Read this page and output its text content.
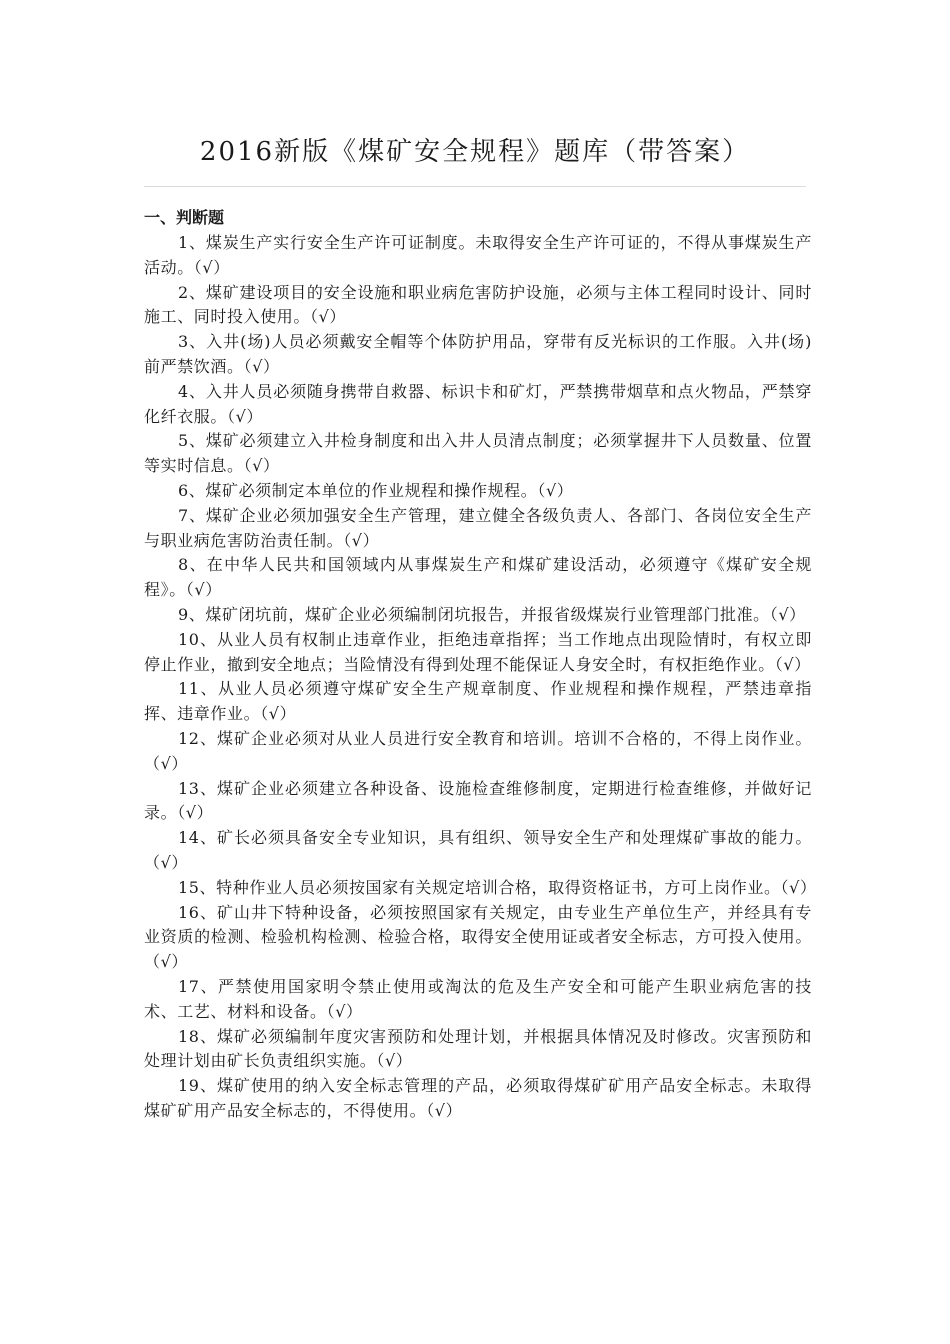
2016新版《煤矿安全规程》题库（带答案）
一、判断题
1、煤炭生产实行安全生产许可证制度。未取得安全生产许可证的，不得从事煤炭生产活动。（√）
2、煤矿建设项目的安全设施和职业病危害防护设施，必须与主体工程同时设计、同时施工、同时投入使用。（√）
3、入井(场)人员必须戴安全帽等个体防护用品，穿带有反光标识的工作服。入井(场)前严禁饮酒。（√）
4、入井人员必须随身携带自救器、标识卡和矿灯，严禁携带烟草和点火物品，严禁穿化纤衣服。（√）
5、煤矿必须建立入井检身制度和出入井人员清点制度；必须掌握井下人员数量、位置等实时信息。（√）
6、煤矿必须制定本单位的作业规程和操作规程。（√）
7、煤矿企业必须加强安全生产管理，建立健全各级负责人、各部门、各岗位安全生产与职业病危害防治责任制。（√）
8、在中华人民共和国领域内从事煤炭生产和煤矿建设活动，必须遵守《煤矿安全规程》。（√）
9、煤矿闭坑前，煤矿企业必须编制闭坑报告，并报省级煤炭行业管理部门批准。（√）
10、从业人员有权制止违章作业，拒绝违章指挥；当工作地点出现险情时，有权立即停止作业，撤到安全地点；当险情没有得到处理不能保证人身安全时，有权拒绝作业。（√）
11、从业人员必须遵守煤矿安全生产规章制度、作业规程和操作规程，严禁违章指挥、违章作业。（√）
12、煤矿企业必须对从业人员进行安全教育和培训。培训不合格的，不得上岗作业。（√）
13、煤矿企业必须建立各种设备、设施检查维修制度，定期进行检查维修，并做好记录。（√）
14、矿长必须具备安全专业知识，具有组织、领导安全生产和处理煤矿事故的能力。（√）
15、特种作业人员必须按国家有关规定培训合格，取得资格证书，方可上岗作业。（√）
16、矿山井下特种设备，必须按照国家有关规定，由专业生产单位生产，并经具有专业资质的检测、检验机构检测、检验合格，取得安全使用证或者安全标志，方可投入使用。（√）
17、严禁使用国家明令禁止使用或淘汰的危及生产安全和可能产生职业病危害的技术、工艺、材料和设备。（√）
18、煤矿必须编制年度灾害预防和处理计划，并根据具体情况及时修改。灾害预防和处理计划由矿长负责组织实施。（√）
19、煤矿使用的纳入安全标志管理的产品，必须取得煤矿矿用产品安全标志。未取得煤矿矿用产品安全标志的，不得使用。（√）
